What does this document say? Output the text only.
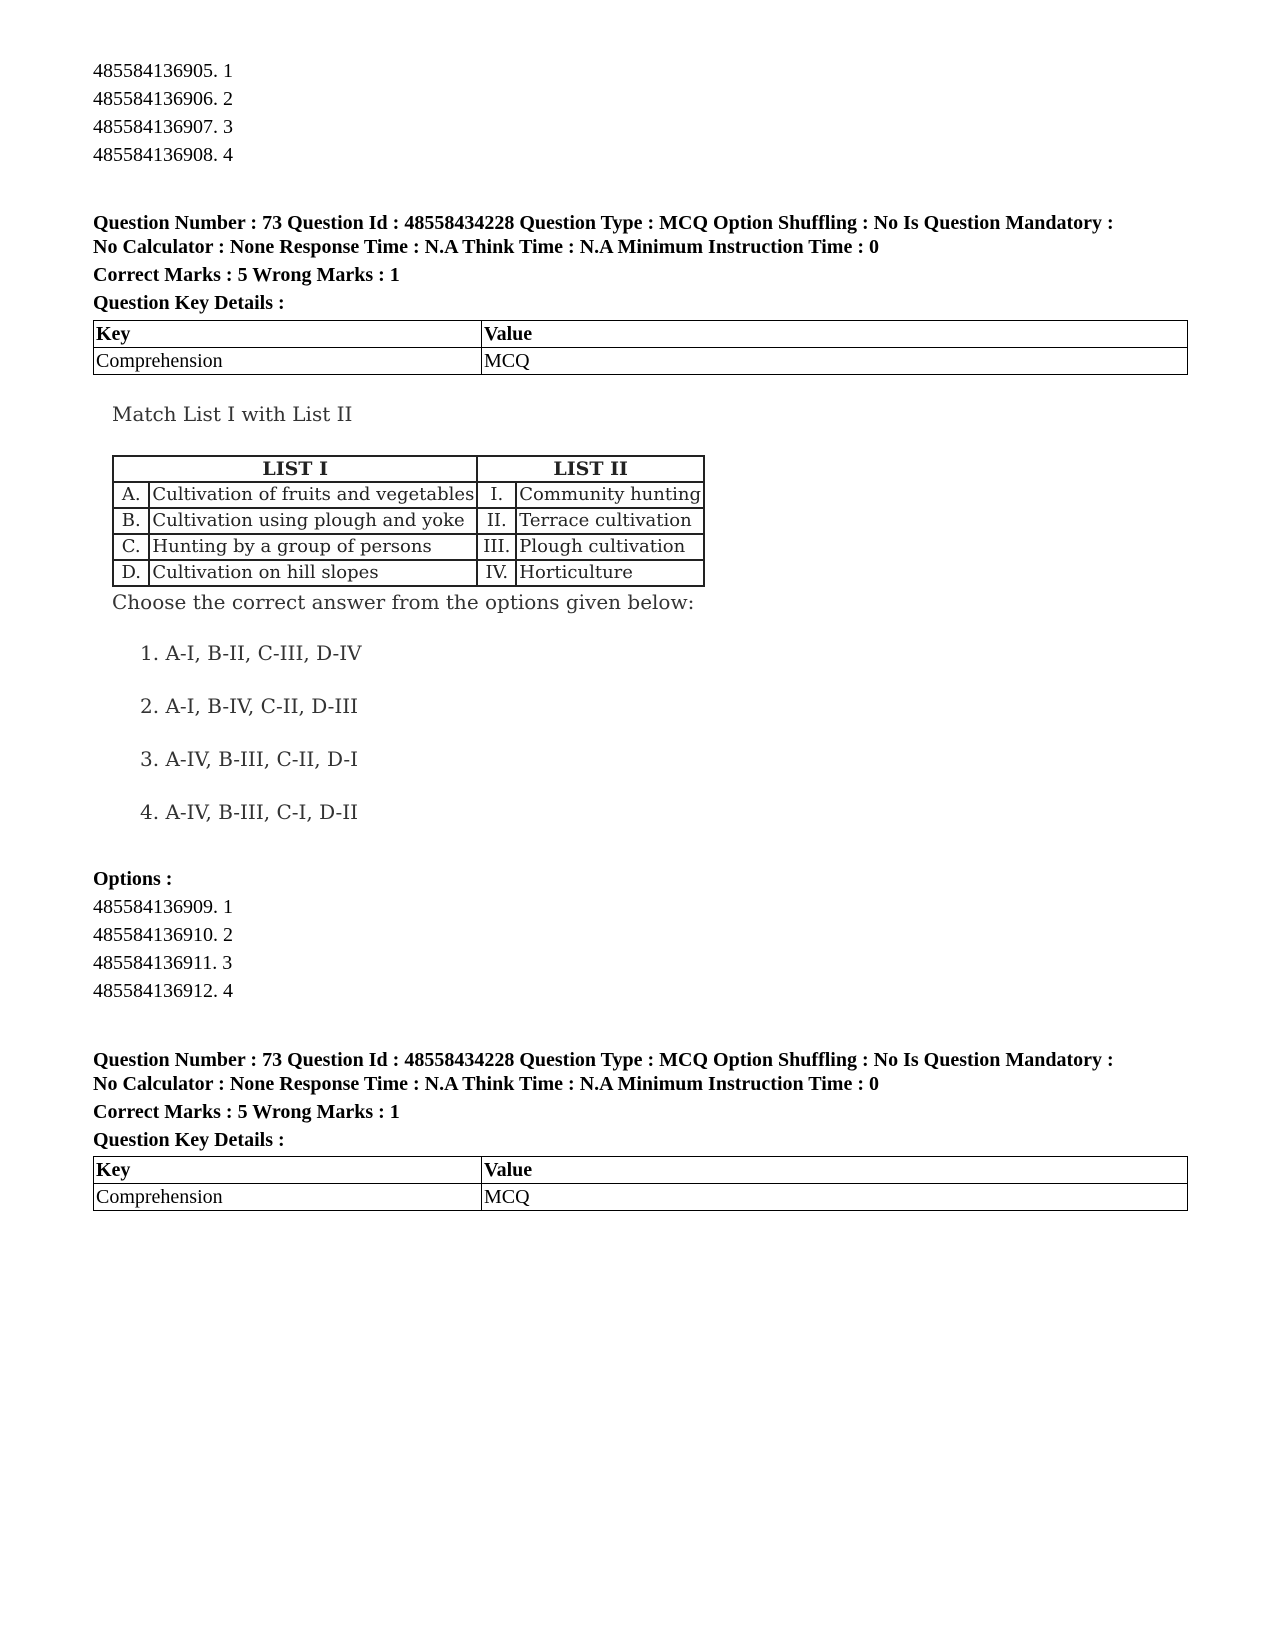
485584136905. 1
485584136906. 2
485584136907. 3
485584136908. 4
Question Number : 73 Question Id : 48558434228 Question Type : MCQ Option Shuffling : No Is Question Mandatory :
No Calculator : None Response Time : N.A Think Time : N.A Minimum Instruction Time : 0
Correct Marks : 5 Wrong Marks : 1
Question Key Details :
Key	Value
Comprehension	MCQ
Match List I with List II
LIST I		LIST II	
A.	Cultivation of fruits and vegetables	I.	Community hunting
B.	Cultivation using plough and yoke	II.	Terrace cultivation
C.	Hunting by a group of persons	III.	Plough cultivation
D.	Cultivation on hill slopes	IV.	Horticulture
Choose the correct answer from the options given below:
1. A-I, B-II, C-III, D-IV
2. A-I, B-IV, C-II, D-III
3. A-IV, B-III, C-II, D-I
4. A-IV, B-III, C-I, D-II
Options :
485584136909. 1
485584136910. 2
485584136911. 3
485584136912. 4
Question Number : 73 Question Id : 48558434228 Question Type : MCQ Option Shuffling : No Is Question Mandatory :
No Calculator : None Response Time : N.A Think Time : N.A Minimum Instruction Time : 0
Correct Marks : 5 Wrong Marks : 1
Question Key Details :
Key	Value
Comprehension	MCQ
